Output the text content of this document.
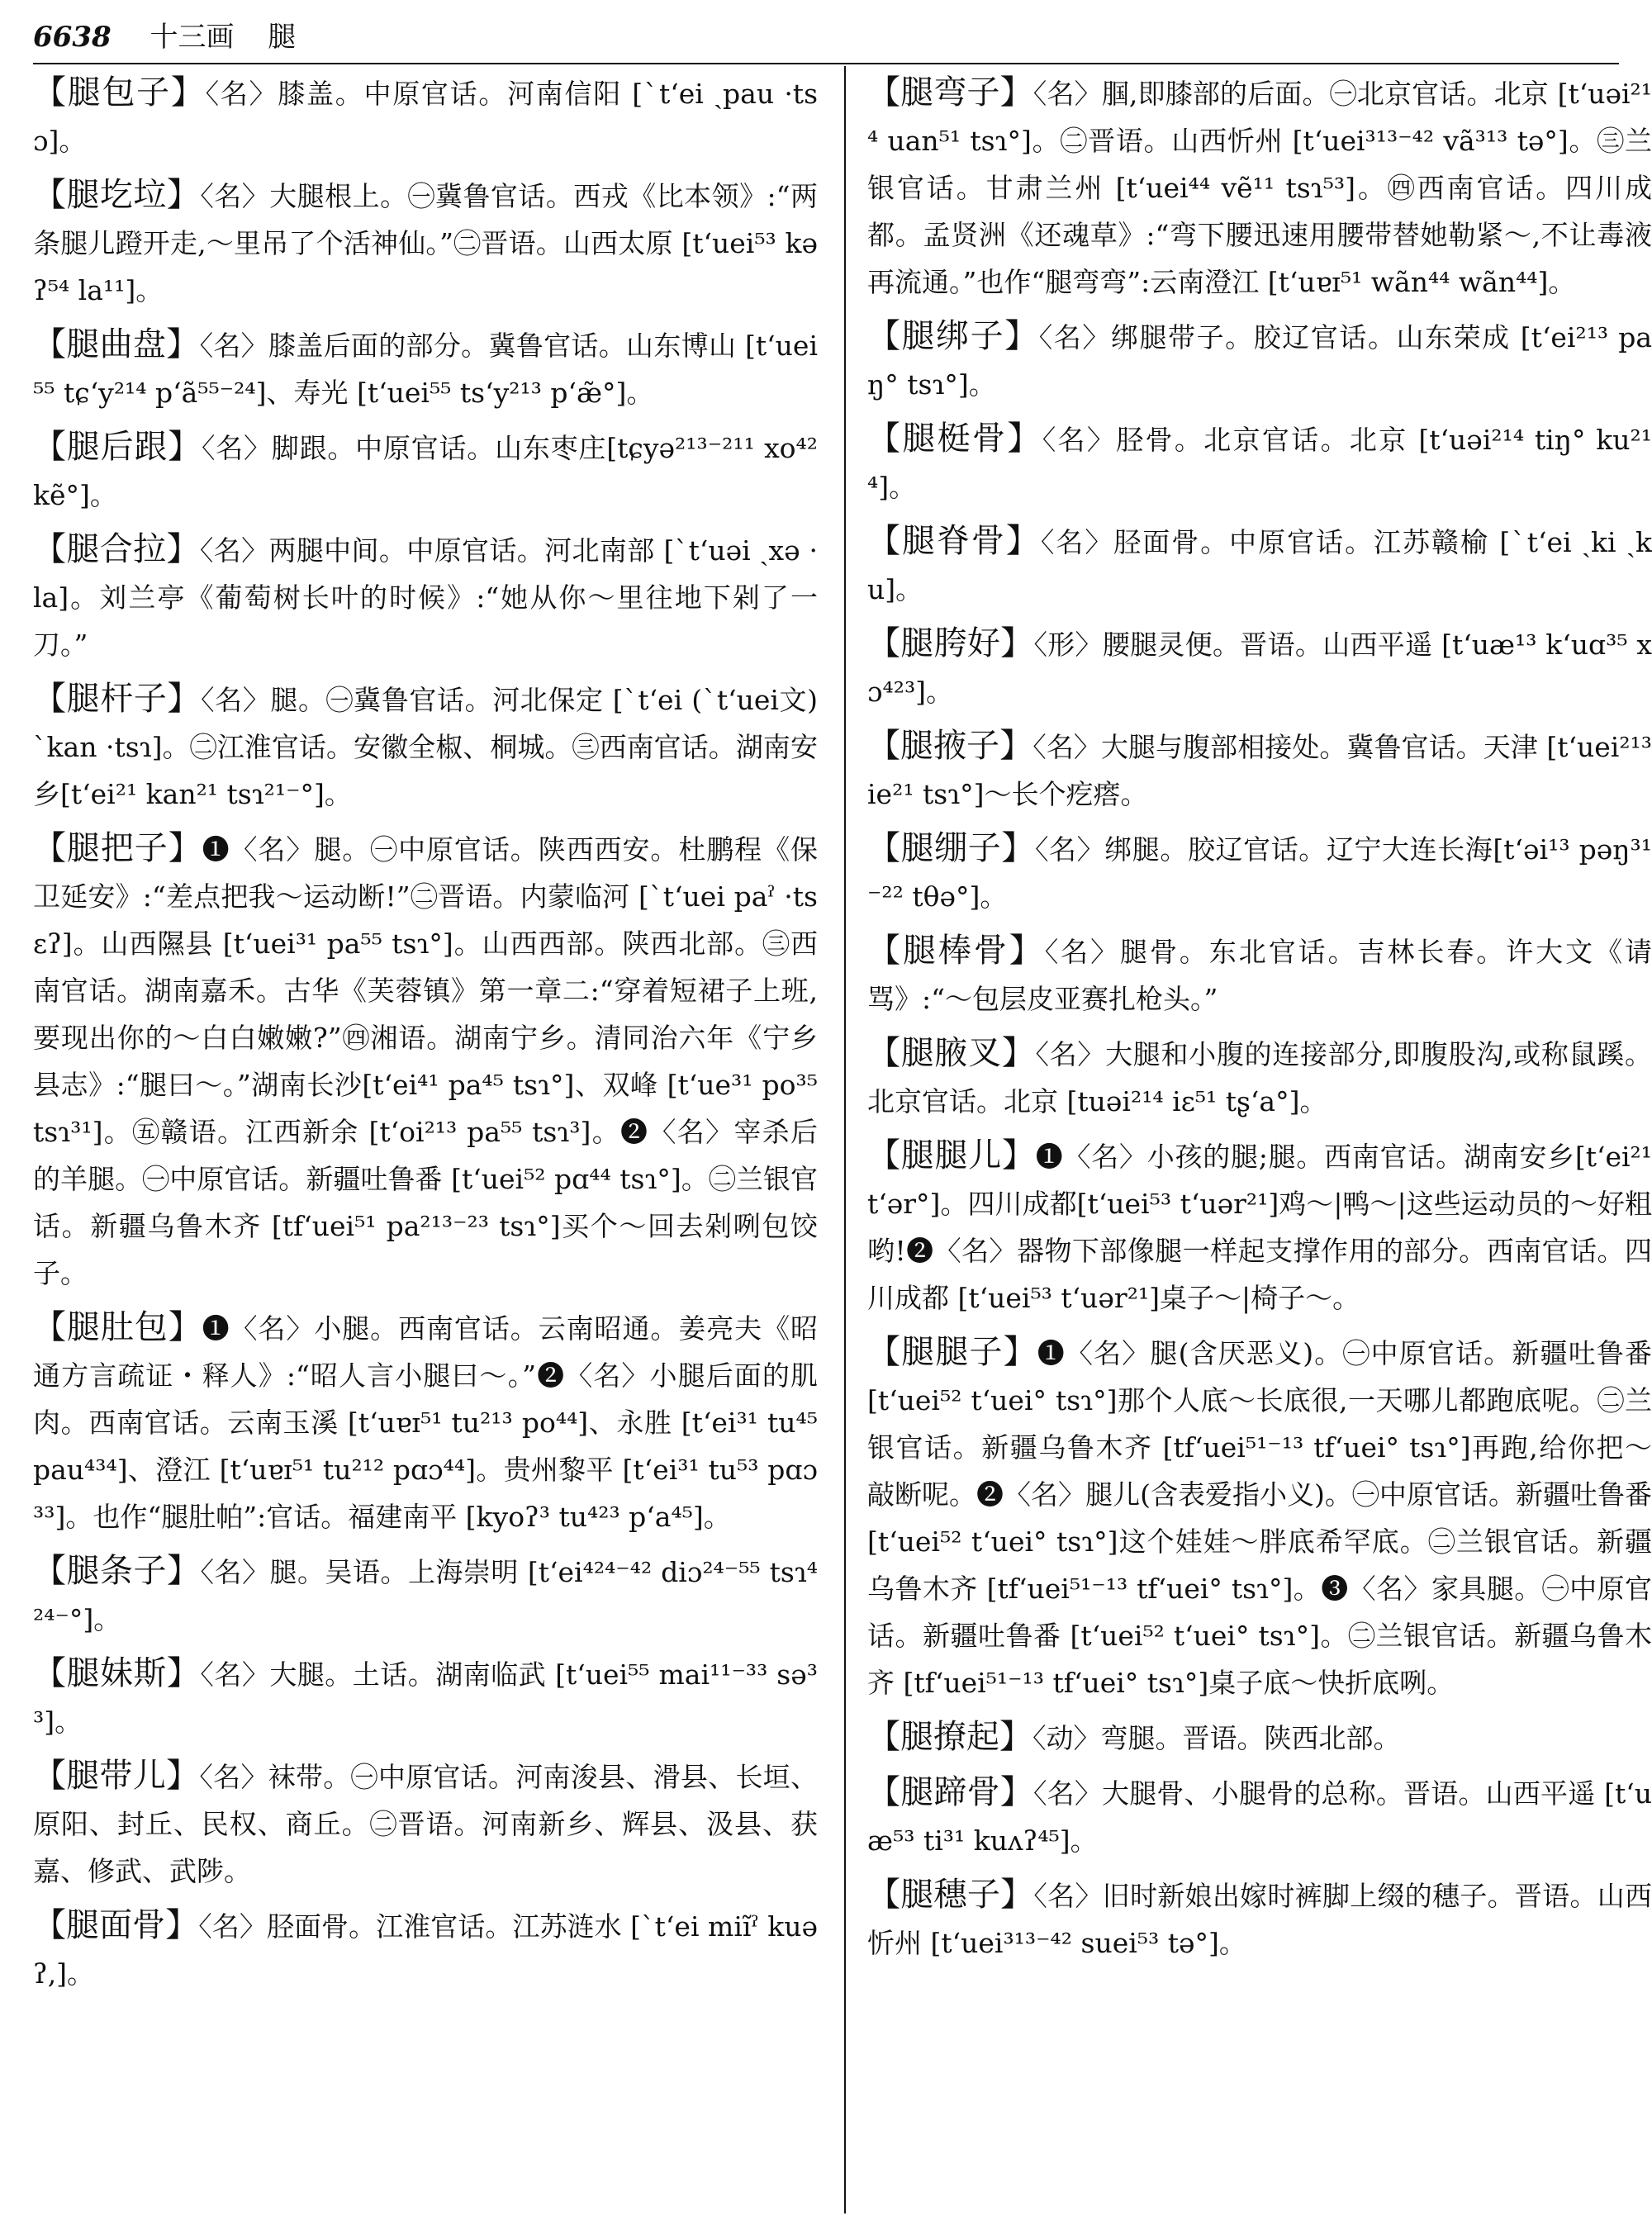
6638 十三画 腿

【腿包子】〈名〉膝盖。中原官话。河南信阳 [ˋt‘ei ˏpau ·tsɔ]。

【腿圪垃】〈名〉大腿根上。㊀冀鲁官话。西戎《比本领》:“两条腿儿蹬开走,～里吊了个活神仙。”㊁晋语。山西太原 [t‘uei⁵³ kəʔ⁵⁴ la¹¹]。

【腿曲盘】〈名〉膝盖后面的部分。冀鲁官话。山东博山 [t‘uei⁵⁵ tɕ‘y²¹⁴ p‘ã⁵⁵⁻²⁴]、寿光 [t‘uei⁵⁵ ts‘y²¹³ p‘æ̃°]。

【腿后跟】〈名〉脚跟。中原官话。山东枣庄[tɕyə²¹³⁻²¹¹ xo⁴² kẽ°]。

【腿合拉】〈名〉两腿中间。中原官话。河北南部 [ˋt‘uəi ˏxə ·la]。刘兰亭《葡萄树长叶的时候》:“她从你～里往地下剁了一刀。”

【腿杆子】〈名〉腿。㊀冀鲁官话。河北保定 [ˋt‘ei (ˋt‘uei文) ˋkan ·tsɿ]。㊁江淮官话。安徽全椒、桐城。㊂西南官话。湖南安乡[t‘ei²¹ kan²¹ tsɿ²¹⁻°]。

【腿把子】❶〈名〉腿。㊀中原官话。陕西西安。杜鹏程《保卫延安》:“差点把我～运动断!”㊁晋语。内蒙临河 [ˋt‘uei paˀ ·tsɛʔ]。山西隰县 [t‘uei³¹ pa⁵⁵ tsɿ°]。山西西部。陕西北部。㊂西南官话。湖南嘉禾。古华《芙蓉镇》第一章二:“穿着短裙子上班,要现出你的～白白嫩嫩?”㊃湘语。湖南宁乡。清同治六年《宁乡县志》:“腿曰～。”湖南长沙[t‘ei⁴¹ pa⁴⁵ tsɿ°]、双峰 [t‘ue³¹ po³⁵ tsɿ³¹]。㊄赣语。江西新余 [t‘oi²¹³ pa⁵⁵ tsɿ³]。❷〈名〉宰杀后的羊腿。㊀中原官话。新疆吐鲁番 [t‘uei⁵² pɑ⁴⁴ tsɿ°]。㊁兰银官话。新疆乌鲁木齐 [tf‘uei⁵¹ pa²¹³⁻²³ tsɿ°]买个～回去剁咧包饺子。

【腿肚包】❶〈名〉小腿。西南官话。云南昭通。姜亮夫《昭通方言疏证・释人》:“昭人言小腿曰～。”❷〈名〉小腿后面的肌肉。西南官话。云南玉溪 [t‘uɐɪ⁵¹ tu²¹³ po⁴⁴]、永胜 [t‘ei³¹ tu⁴⁵ pau⁴³⁴]、澄江 [t‘uɐɪ⁵¹ tu²¹² pɑɔ⁴⁴]。贵州黎平 [t‘ei³¹ tu⁵³ pɑɔ³³]。也作“腿肚帕”:官话。福建南平 [kyoʔ³ tu⁴²³ p‘a⁴⁵]。

【腿条子】〈名〉腿。吴语。上海崇明 [t‘ei⁴²⁴⁻⁴² diɔ²⁴⁻⁵⁵ tsɿ⁴²⁴⁻°]。

【腿妹斯】〈名〉大腿。土话。湖南临武 [t‘uei⁵⁵ mai¹¹⁻³³ sə³³]。

【腿带儿】〈名〉袜带。㊀中原官话。河南浚县、滑县、长垣、原阳、封丘、民权、商丘。㊁晋语。河南新乡、辉县、汲县、获嘉、修武、武陟。

【腿面骨】〈名〉胫面骨。江淮官话。江苏涟水 [ˋt‘ei miĩˀ kuəʔ,]。

【腿弯子】〈名〉腘,即膝部的后面。㊀北京官话。北京 [t‘uəi²¹⁴ uan⁵¹ tsɿ°]。㊁晋语。山西忻州 [t‘uei³¹³⁻⁴² vã³¹³ tə°]。㊂兰银官话。甘肃兰州 [t‘uei⁴⁴ vẽ¹¹ tsɿ⁵³]。㊃西南官话。四川成都。孟贤洲《还魂草》:“弯下腰迅速用腰带替她勒紧～,不让毒液再流通。”也作“腿弯弯”:云南澄江 [t‘uɐɪ⁵¹ wãn⁴⁴ wãn⁴⁴]。

【腿绑子】〈名〉绑腿带子。胶辽官话。山东荣成 [t‘ei²¹³ paŋ° tsɿ°]。

【腿梃骨】〈名〉胫骨。北京官话。北京 [t‘uəi²¹⁴ tiŋ° ku²¹⁴]。

【腿脊骨】〈名〉胫面骨。中原官话。江苏赣榆 [ˋt‘ei ˏki ˏku]。

【腿胯好】〈形〉腰腿灵便。晋语。山西平遥 [t‘uæ¹³ k‘uɑ³⁵ xɔ⁴²³]。

【腿掖子】〈名〉大腿与腹部相接处。冀鲁官话。天津 [t‘uei²¹³ ie²¹ tsɿ°]～长个疙瘩。

【腿绷子】〈名〉绑腿。胶辽官话。辽宁大连长海[t‘əi¹³ pəŋ³¹⁻²² tθə°]。

【腿棒骨】〈名〉腿骨。东北官话。吉林长春。许大文《请骂》:“～包层皮亚赛扎枪头。”

【腿腋叉】〈名〉大腿和小腹的连接部分,即腹股沟,或称鼠蹊。北京官话。北京 [tuəi²¹⁴ iɛ⁵¹ tʂ‘a°]。

【腿腿儿】❶〈名〉小孩的腿;腿。西南官话。湖南安乡[t‘ei²¹ t‘ər°]。四川成都[t‘uei⁵³ t‘uər²¹]鸡～|鸭～|这些运动员的～好粗哟!❷〈名〉器物下部像腿一样起支撑作用的部分。西南官话。四川成都 [t‘uei⁵³ t‘uər²¹]桌子～|椅子～。

【腿腿子】❶〈名〉腿(含厌恶义)。㊀中原官话。新疆吐鲁番 [t‘uei⁵² t‘uei° tsɿ°]那个人底～长底很,一天哪儿都跑底呢。㊁兰银官话。新疆乌鲁木齐 [tf‘uei⁵¹⁻¹³ tf‘uei° tsɿ°]再跑,给你把～敲断呢。❷〈名〉腿儿(含表爱指小义)。㊀中原官话。新疆吐鲁番 [t‘uei⁵² t‘uei° tsɿ°]这个娃娃～胖底希罕底。㊁兰银官话。新疆乌鲁木齐 [tf‘uei⁵¹⁻¹³ tf‘uei° tsɿ°]。❸〈名〉家具腿。㊀中原官话。新疆吐鲁番 [t‘uei⁵² t‘uei° tsɿ°]。㊁兰银官话。新疆乌鲁木齐 [tf‘uei⁵¹⁻¹³ tf‘uei° tsɿ°]桌子底～快折底咧。

【腿撩起】〈动〉弯腿。晋语。陕西北部。

【腿蹄骨】〈名〉大腿骨、小腿骨的总称。晋语。山西平遥 [t‘uæ⁵³ ti³¹ kuʌʔ⁴⁵]。

【腿穗子】〈名〉旧时新娘出嫁时裤脚上缀的穗子。晋语。山西忻州 [t‘uei³¹³⁻⁴² suei⁵³ tə°]。
